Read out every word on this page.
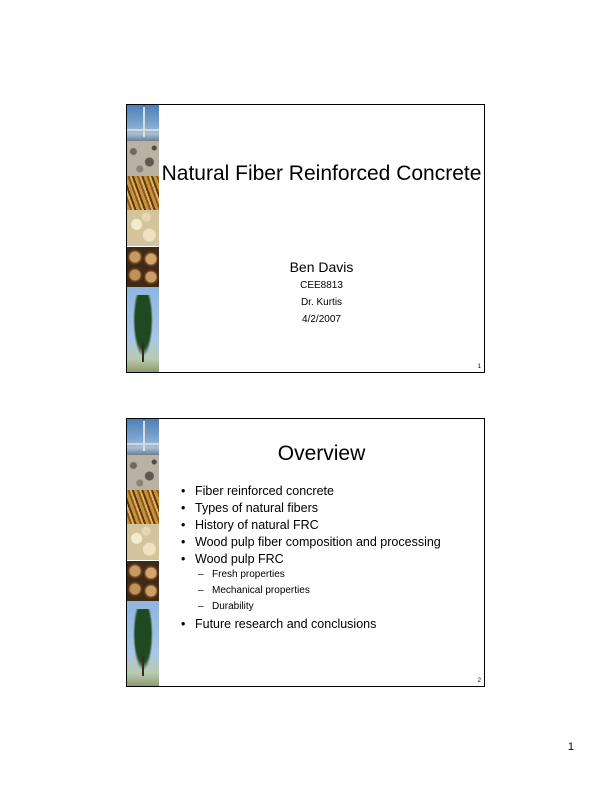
Natural Fiber Reinforced Concrete
Ben Davis
CEE8813
Dr. Kurtis
4/2/2007
1
Overview
• Fiber reinforced concrete
• Types of natural fibers
• History of natural FRC
• Wood pulp fiber composition and processing
• Wood pulp FRC
– Fresh properties
– Mechanical properties
– Durability
• Future research and conclusions
2
1
